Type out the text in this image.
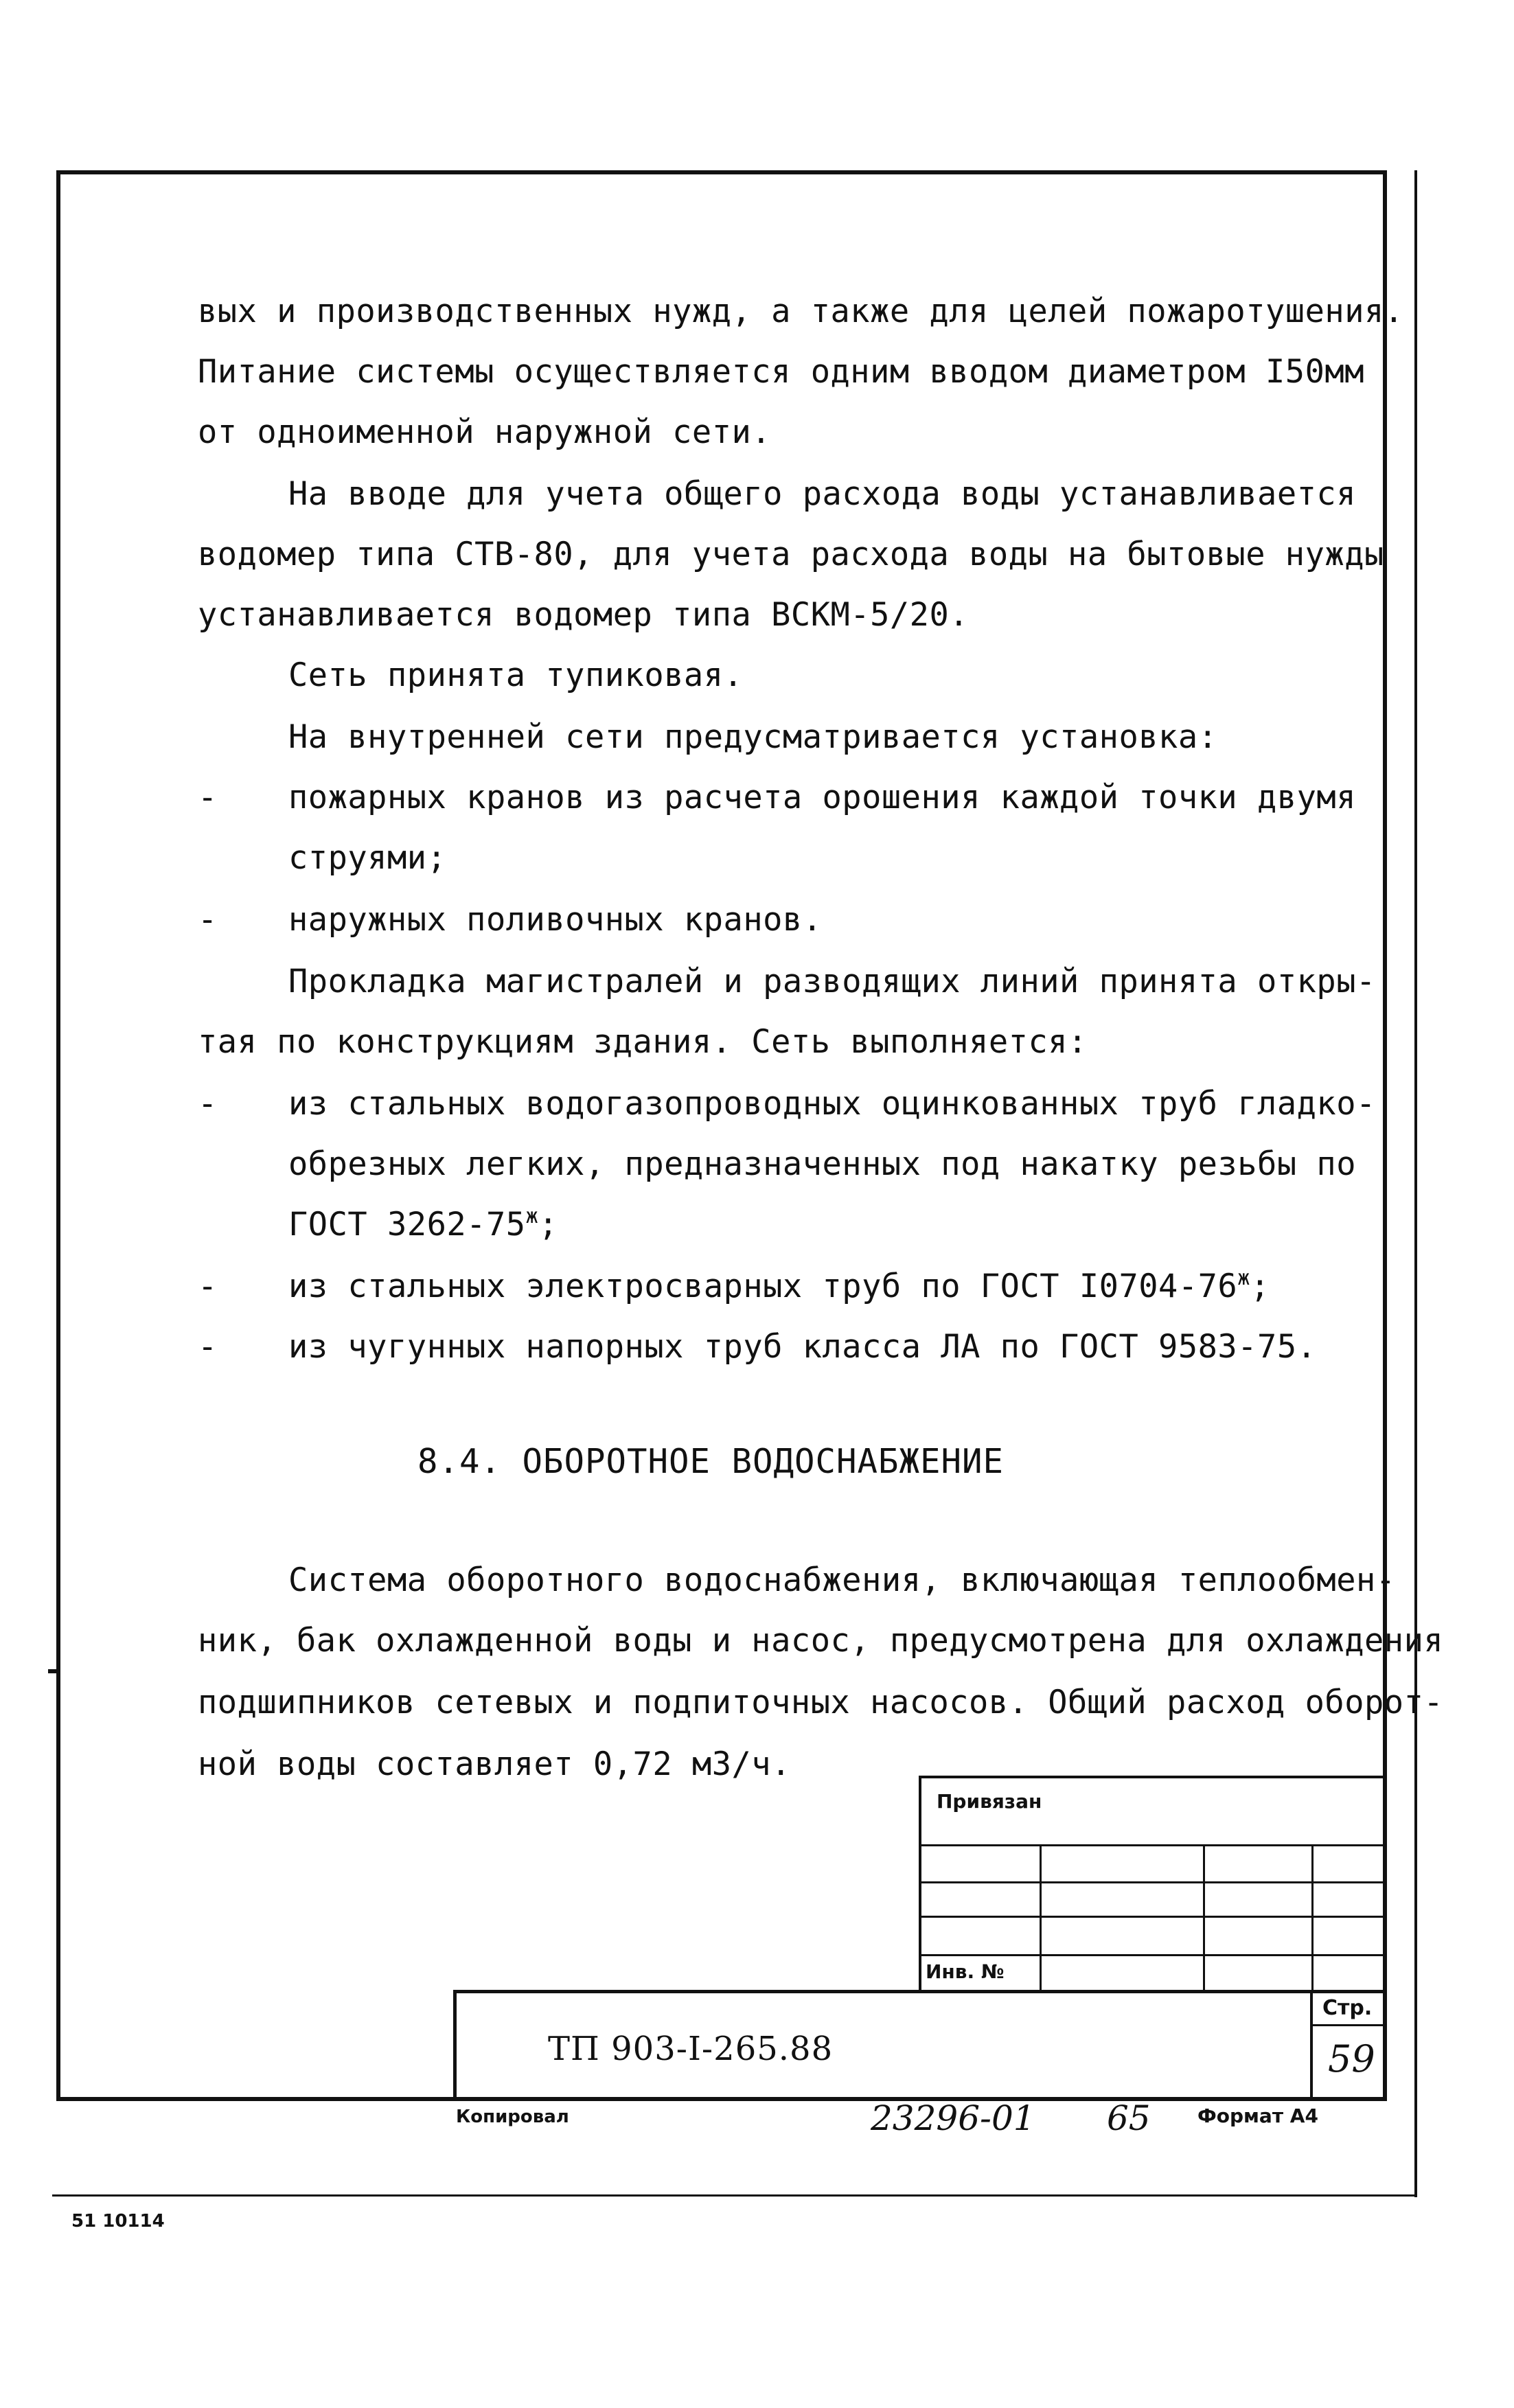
вых и производственных нужд, а также для целей пожаротушения.
Питание системы осуществляется одним вводом диаметром I50мм
от одноименной наружной сети.
На вводе для учета общего расхода воды устанавливается
водомер типа СТВ-80, для учета расхода воды на бытовые нужды
устанавливается водомер типа ВСКМ-5/20.
Сеть принята тупиковая.
На внутренней сети предусматривается установка:
- пожарных кранов из расчета орошения каждой точки двумя
струями;
- наружных поливочных кранов.
Прокладка магистралей и разводящих линий принята откры-
тая по конструкциям здания. Сеть выполняется:
- из стальных водогазопроводных оцинкованных труб гладко-
обрезных легких, предназначенных под накатку резьбы по
ГОСТ $3262-75^ж$;
- из стальных электросварных труб по ГОСТ $I0704-76^ж$;
- из чугунных напорных труб класса ЛА по ГОСТ 9583-75.
8.4. ОБОРОТНОЕ ВОДОСНАБЖЕНИЕ
Система оборотного водоснабжения, включающая теплообмен-
ник, бак охлажденной воды и насос, предусмотрена для охлаждения
подшипников сетевых и подпиточных насосов. Общий расход оборот-
ной воды составляет 0,72 м3/ч.
Привязан
Инв. №
ТП 903-I-265.88
Стр.
59
Копировал	23296-01 65 Формат А4
51 10114
